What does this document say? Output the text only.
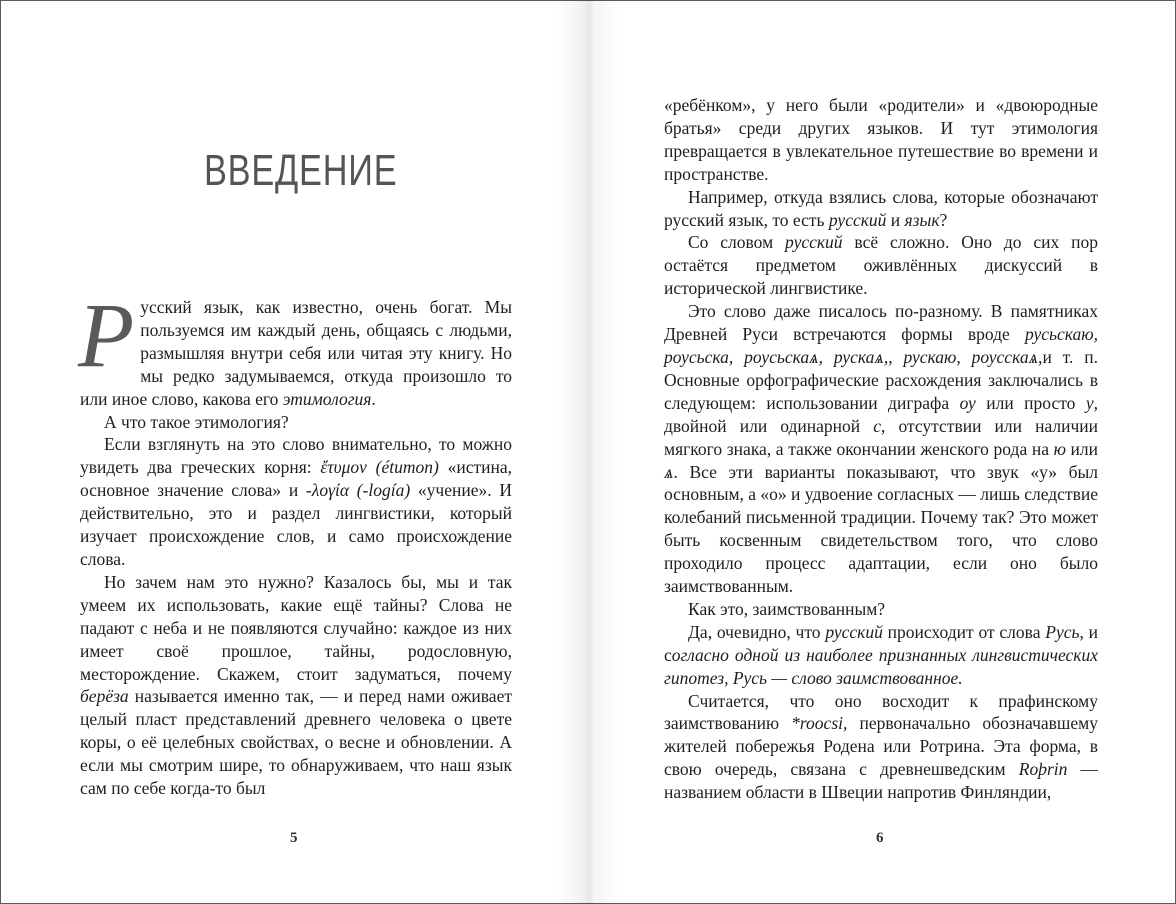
ВВЕДЕНИЕ

Русский язык, как известно, очень богат. Мы пользуемся им каждый день, общаясь с людьми, размышляя внутри себя или читая эту книгу. Но мы редко задумываемся, откуда произошло то или иное слово, какова его этимология.

А что такое этимология?

Если взглянуть на это слово внимательно, то можно увидеть два греческих корня: ἔτυμον (étumon) «истина, основное значение слова» и -λογία (-logía) «учение». И действительно, это и раздел лингвистики, который изучает происхождение слов, и само происхождение слова.

Но зачем нам это нужно? Казалось бы, мы и так умеем их использовать, какие ещё тайны? Слова не падают с неба и не появляются случайно: каждое из них имеет своё прошлое, тайны, родословную, месторождение. Скажем, стоит задуматься, почему берёза называется именно так, — и перед нами оживает целый пласт представлений древнего человека о цвете коры, о её целебных свойствах, о весне и обновлении. А если мы смотрим шире, то обнаруживаем, что наш язык сам по себе когда-то был

5

«ребёнком», у него были «родители» и «двоюродные братья» среди других языков. И тут этимология превращается в увлекательное путешествие во времени и пространстве.

Например, откуда взялись слова, которые обозначают русский язык, то есть русский и язык?

Со словом русский всё сложно. Оно до сих пор остаётся предметом оживлённых дискуссий в исторической лингвистике.

Это слово даже писалось по-разному. В памятниках Древней Руси встречаются формы вроде русьскаю, роусьска, роусьскаѧ, рускаѧ,, рускаю, роусскаѧ,и т. п. Основные орфографические расхождения заключались в следующем: использовании диграфа оу или просто у, двойной или одинарной с, отсутствии или наличии мягкого знака, а также окончании женского рода на ю или ѧ. Все эти варианты показывают, что звук «у» был основным, а «о» и удвоение согласных — лишь следствие колебаний письменной традиции. Почему так? Это может быть косвенным свидетельством того, что слово проходило процесс адаптации, если оно было заимствованным.

Как это, заимствованным?

Да, очевидно, что русский происходит от слова Русь, и согласно одной из наиболее признанных лингвистических гипотез, Русь — слово заимствованное.

Считается, что оно восходит к прафинскому заимствованию *roocsi, первоначально обозначавшему жителей побережья Родена или Ротрина. Эта форма, в свою очередь, связана с древнешведским Roþrin — названием области в Швеции напротив Финляндии,

6
